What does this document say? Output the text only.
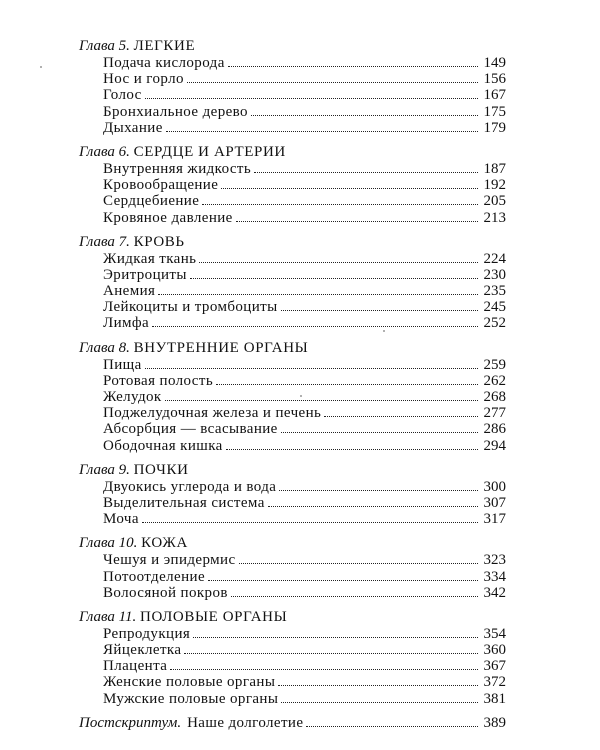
Глава 5. ЛЕГКИЕ
Подача кислорода	149
Нос и горло	156
Голос	167
Бронхиальное дерево	175
Дыхание	179
Глава 6. СЕРДЦЕ И АРТЕРИИ
Внутренняя жидкость	187
Кровообращение	192
Сердцебиение	205
Кровяное давление	213
Глава 7. КРОВЬ
Жидкая ткань	224
Эритроциты	230
Анемия	235
Лейкоциты и тромбоциты	245
Лимфа	252
Глава 8. ВНУТРЕННИЕ ОРГАНЫ
Пища	259
Ротовая полость	262
Желудок	268
Поджелудочная железа и печень	277
Абсорбция — всасывание	286
Ободочная кишка	294
Глава 9. ПОЧКИ
Двуокись углерода и вода	300
Выделительная система	307
Моча	317
Глава 10. КОЖА
Чешуя и эпидермис	323
Потоотделение	334
Волосяной покров	342
Глава 11. ПОЛОВЫЕ ОРГАНЫ
Репродукция	354
Яйцеклетка	360
Плацента	367
Женские половые органы	372
Мужские половые органы	381
Постскриптум. Наше долголетие	389
